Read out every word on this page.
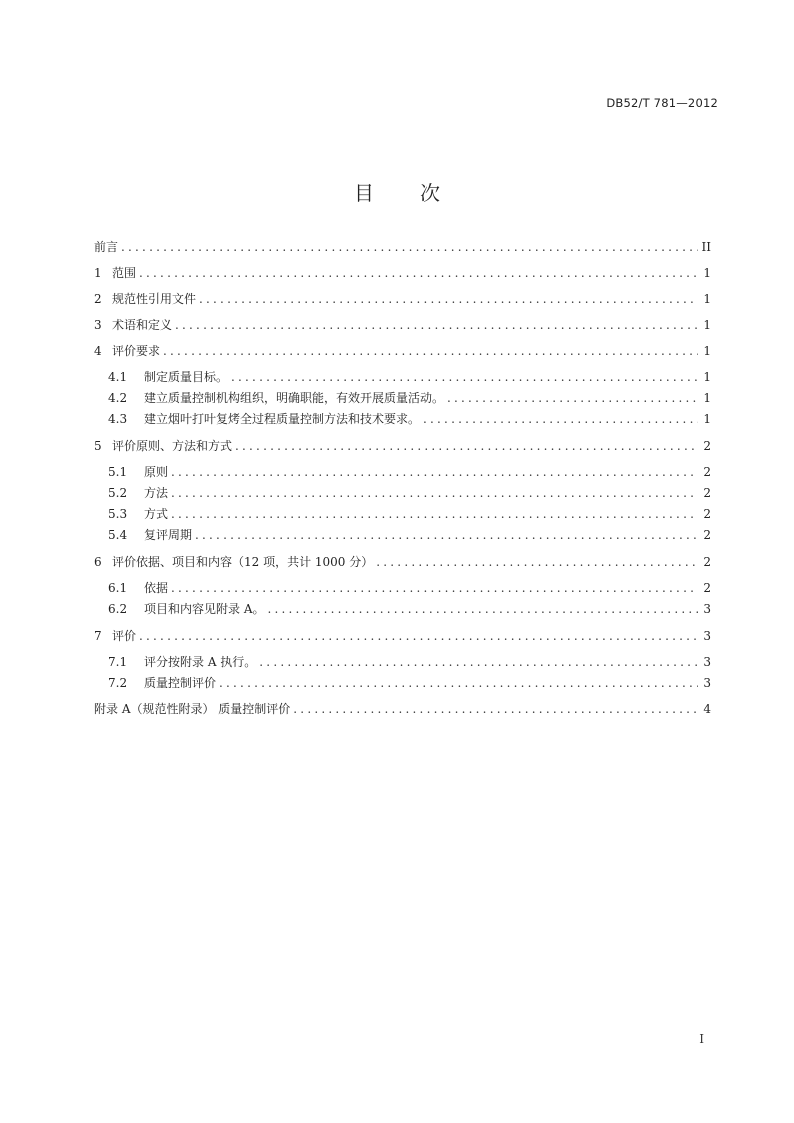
DB52/T 781—2012
目 次
前言 .....	II
1 范围 .....	1
2 规范性引用文件 .....	1
3 术语和定义 .....	1
4 评价要求 .....	1
4.1	制定质量目标。 .....	1
4.2	建立质量控制机构组织，明确职能，有效开展质量活动。 .....	1
4.3	建立烟叶打叶复烤全过程质量控制方法和技术要求。 .....	1
5 评价原则、方法和方式 .....	2
5.1	原则 .....	2
5.2	方法 .....	2
5.3	方式 .....	2
5.4	复评周期 .....	2
6 评价依据、项目和内容（12 项，共计 1000 分） .....	2
6.1	依据 .....	2
6.2	项目和内容见附录 A。 .....	3
7 评价 .....	3
7.1	评分按附录 A 执行。 .....	3
7.2	质量控制评价 .....	3
附录 A（规范性附录） 质量控制评价 .....	4
I
